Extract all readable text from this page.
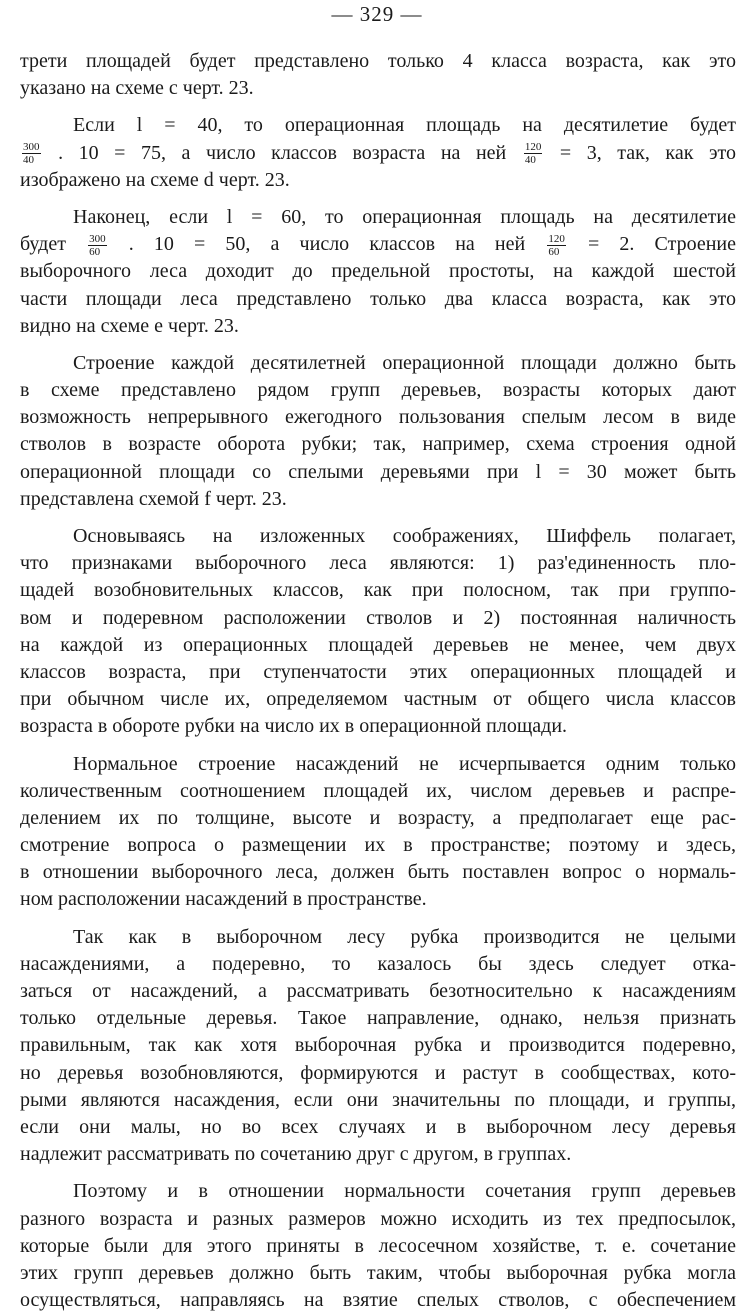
— 329 —
трети площадей будет представлено только 4 класса возраста, как это
указано на схеме с черт. 23.
Если l = 40, то операционная площадь на десятилетие будет
$\frac{300}{40}$ . 10 = 75, а число классов возраста на ней $\frac{120}{40} = 3$, так, как это
изображено на схеме d черт. 23.
Наконец, если l = 60, то операционная площадь на десятилетие
будет $\frac{300}{60}$ . 10 = 50, а число классов на ней $\frac{120}{60} = 2$. Строение
выборочного леса доходит до предельной простоты, на каждой шестой
части площади леса представлено только два класса возраста, как это
видно на схеме е черт. 23.
Строение каждой десятилетней операционной площади должно быть
в схеме представлено рядом групп деревьев, возрасты которых дают
возможность непрерывного ежегодного пользования спелым лесом в виде
стволов в возрасте оборота рубки; так, например, схема строения одной
операционной площади со спелыми деревьями при l = 30 может быть
представлена схемой f черт. 23.
Основываясь на изложенных соображениях, Шиффель полагает,
что признаками выборочного леса являются: 1) раз'единенность пло-
щадей возобновительных классов, как при полосном, так при группо-
вом и подеревном расположении стволов и 2) постоянная наличность
на каждой из операционных площадей деревьев не менее, чем двух
классов возраста, при ступенчатости этих операционных площадей и
при обычном числе их, определяемом частным от общего числа классов
возраста в обороте рубки на число их в операционной площади.
Нормальное строение насаждений не исчерпывается одним только
количественным соотношением площадей их, числом деревьев и распре-
делением их по толщине, высоте и возрасту, а предполагает еще рас-
смотрение вопроса о размещении их в пространстве; поэтому и здесь,
в отношении выборочного леса, должен быть поставлен вопрос о нормаль-
ном расположении насаждений в пространстве.
Так как в выборочном лесу рубка производится не целыми
насаждениями, а подеревно, то казалось бы здесь следует отка-
заться от насаждений, а рассматривать безотносительно к насаждениям
только отдельные деревья. Такое направление, однако, нельзя признать
правильным, так как хотя выборочная рубка и производится подеревно,
но деревья возобновляются, формируются и растут в сообществах, кото-
рыми являются насаждения, если они значительны по площади, и группы,
если они малы, но во всех случаях и в выборочном лесу деревья
надлежит рассматривать по сочетанию друг с другом, в группах.
Поэтому и в отношении нормальности сочетания групп деревьев
разного возраста и разных размеров можно исходить из тех предпосылок,
которые были для этого приняты в лесосечном хозяйстве, т. е. сочетание
этих групп деревьев должно быть таким, чтобы выборочная рубка могла
осуществляться, направляясь на взятие спелых стволов, с обеспечением
